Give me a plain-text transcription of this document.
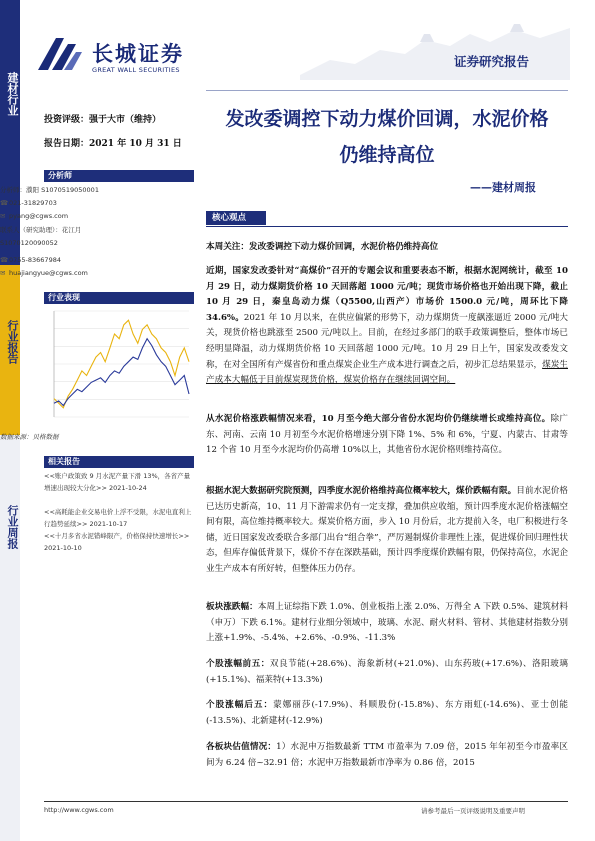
长城证券
GREAT WALL SECURITIES
证券研究报告
建材行业
行业报告
行业周报
投资评级：强于大市（维持）
报告日期：2021 年 10 月 31 日
分析师
分析师：濮阳 S1070519050001
☎021-31829703
✉ pyang@cgws.com
联系人（研究助理）：花江月
S1070120090052
☎0755-83667984
✉ huajiangyue@cgws.com
行业表现
数据来源：贝格数据
相关报告
<<账户政策致 9 月水泥产量下滑 13%，各省产量增速出现较大分化>> 2021-10-24
<<高耗能企业交易电价上浮不受限，水泥电直利上行趋势延续>> 2021-10-17
<<十月多省水泥错峰限产，价格保持快速增长>> 2021-10-10
发改委调控下动力煤价回调，水泥价格
仍维持高位
——建材周报
核心观点
本周关注：发改委调控下动力煤价回调，水泥价格仍维持高位
近期，国家发改委针对“高煤价”召开的专题会议和重要表态不断，根据水泥网统计，截至 10 月 29 日，动力煤期货价格 10 天回落超 1000 元/吨；现货市场价格也开始出现下降，截止 10 月 29 日，秦皇岛动力煤（Q5500,山西产）市场价 1500.0 元/吨，周环比下降 34.6%。2021 年 10 月以来，在供应偏紧的形势下，动力煤期货一度飙涨逼近 2000 元/吨大关，现货价格也跳涨至 2500 元/吨以上。目前，在经过多部门的联手政策调整后，整体市场已经明显降温，动力煤期货价格 10 天回落超 1000 元/吨。10 月 29 日上午，国家发改委发文称，在对全国所有产煤省份和重点煤炭企业生产成本进行调查之后，初步汇总结果显示，煤炭生产成本大幅低于目前煤炭现货价格，煤炭价格存在继续回调空间。
从水泥价格涨跌幅情况来看，10 月至今绝大部分省份水泥均价仍继续增长或维持高位。除广东、河南、云南 10 月初至今水泥价格增速分别下降 1%、5% 和 6%，宁夏、内蒙古、甘肃等 12 个省 10 月至今水泥均价仍高增 10%以上，其他省份水泥价格则维持高位。
根据水泥大数据研究院预测，四季度水泥价格维持高位概率较大，煤价跌幅有限。目前水泥价格已达历史新高，10、11 月下游需求仍有一定支撑，叠加供应收缩，预计四季度水泥价格涨幅空间有限，高位维持概率较大。煤炭价格方面，步入 10 月份后，北方提前入冬，电厂积极进行冬储，近日国家发改委联合多部门出台“组合拳”，严厉遏制煤价非理性上涨，促进煤价回归理性状态，但库存偏低背景下，煤价不存在深跌基础，预计四季度煤价跌幅有限，仍保持高位，水泥企业生产成本有所好转，但整体压力仍存。
板块涨跌幅：本周上证综指下跌 1.0%、创业板指上涨 2.0%、万得全 A 下跌 0.5%、建筑材料（申万）下跌 6.1%。建材行业细分领域中，玻璃、水泥、耐火材料、管材、其他建材指数分别上涨+1.9%、-5.4%、+2.6%、-0.9%、-11.3%
个股涨幅前五：双良节能(+28.6%)、海象新材(+21.0%)、山东药玻(+17.6%)、洛阳玻璃(+15.1%)、福莱特(+13.3%)
个股涨幅后五：蒙娜丽莎(-17.9%)、科顺股份(-15.8%)、东方雨虹(-14.6%)、亚士创能(-13.5%)、北新建材(-12.9%)
各板块估值情况：1）水泥申万指数最新 TTM 市盈率为 7.09 倍，2015 年年初至今市盈率区间为 6.24 倍~32.91 倍；水泥申万指数最新市净率为 0.86 倍，2015
http://www.cgws.com	请参考最后一页评级说明及重要声明
